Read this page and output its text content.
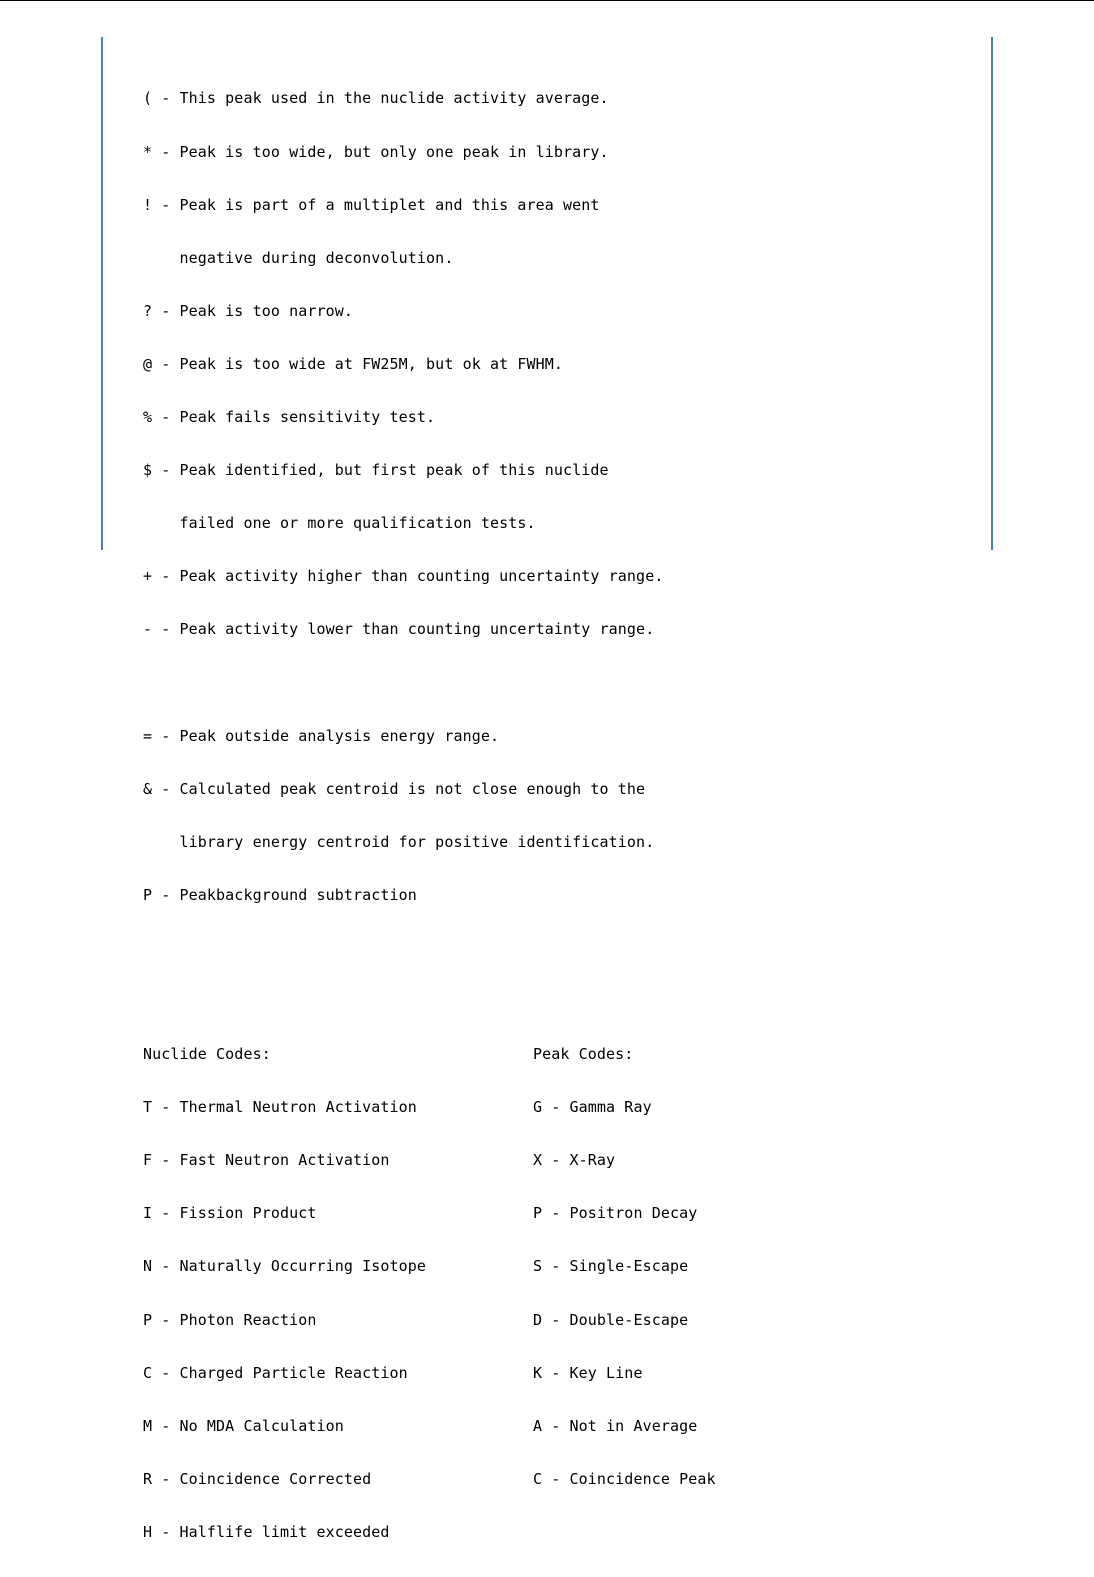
( - This peak used in the nuclide activity average.

* - Peak is too wide, but only one peak in library.

! - Peak is part of a multiplet and this area went

negative during deconvolution.

? - Peak is too narrow.

@ - Peak is too wide at FW25M, but ok at FWHM.

% - Peak fails sensitivity test.

$ - Peak identified, but first peak of this nuclide

failed one or more qualification tests.

+ - Peak activity higher than counting uncertainty range.

- - Peak activity lower than counting uncertainty range.

= - Peak outside analysis energy range.

& - Calculated peak centroid is not close enough to the

library energy centroid for positive identification.

P - Peakbackground subtraction

Nuclide Codes:

T - Thermal Neutron Activation

F - Fast Neutron Activation

I - Fission Product

N - Naturally Occurring Isotope

P - Photon Reaction

C - Charged Particle Reaction

M - No MDA Calculation

R - Coincidence Corrected

H - Halflife limit exceeded

Peak Codes:

G - Gamma Ray

X - X-Ray

P - Positron Decay

S - Single-Escape

D - Double-Escape

K - Key Line

A - Not in Average

C - Coincidence Peak
